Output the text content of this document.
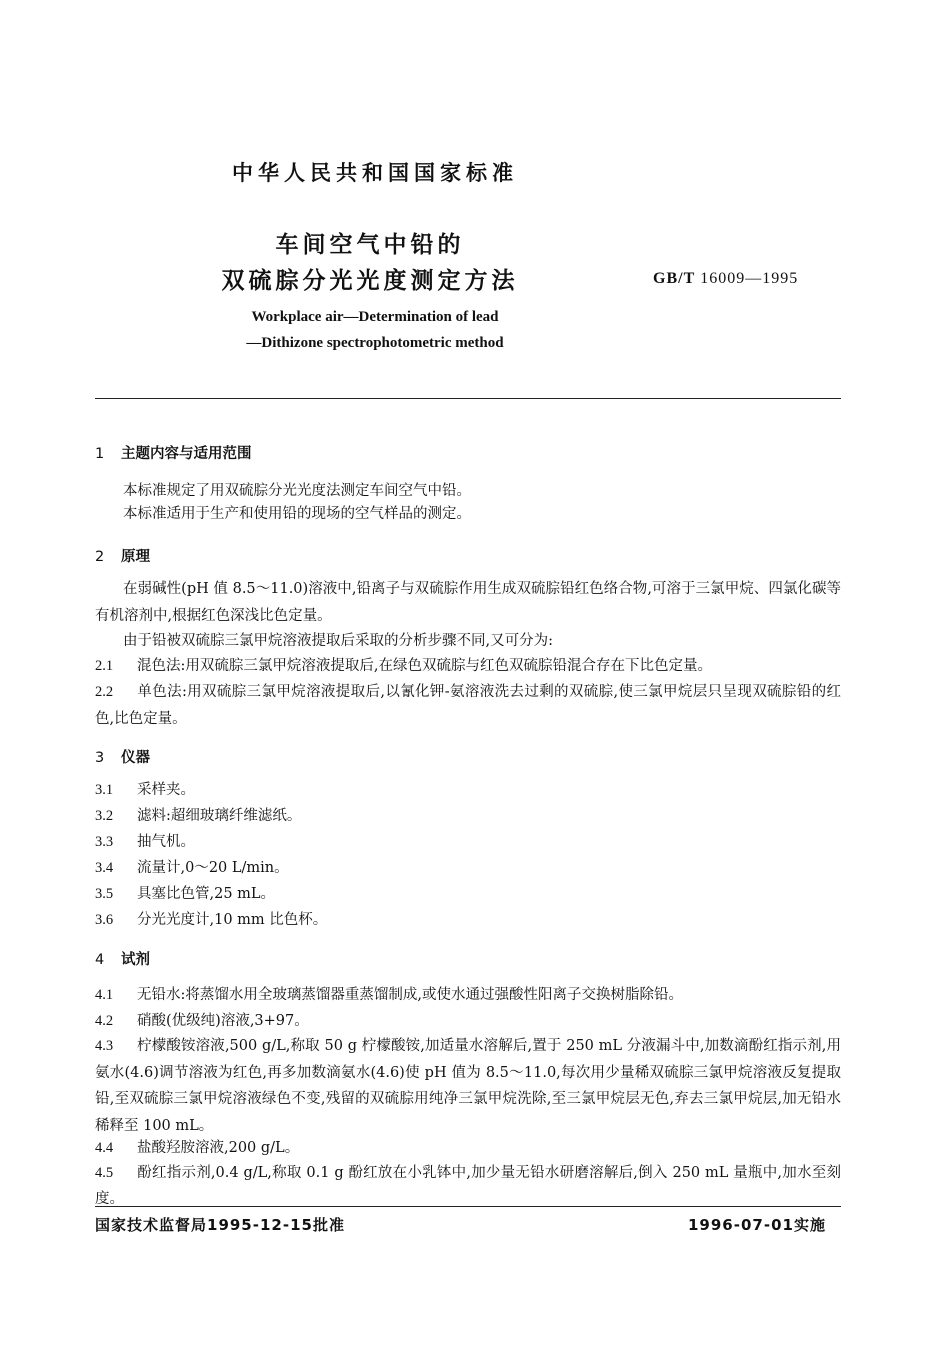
中华人民共和国国家标准
车间空气中铅的
双硫腙分光光度测定方法	GB/T 16009—1995
Workplace air—Determination of lead
—Dithizone spectrophotometric method
1 主题内容与适用范围
本标准规定了用双硫腙分光光度法测定车间空气中铅。
本标准适用于生产和使用铅的现场的空气样品的测定。
2 原理
在弱碱性(pH 值 8.5～11.0)溶液中,铅离子与双硫腙作用生成双硫腙铅红色络合物,可溶于三氯甲烷、四氯化碳等有机溶剂中,根据红色深浅比色定量。
由于铅被双硫腙三氯甲烷溶液提取后采取的分析步骤不同,又可分为:
2.1 混色法:用双硫腙三氯甲烷溶液提取后,在绿色双硫腙与红色双硫腙铅混合存在下比色定量。
2.2 单色法:用双硫腙三氯甲烷溶液提取后,以氰化钾-氨溶液洗去过剩的双硫腙,使三氯甲烷层只呈现双硫腙铅的红色,比色定量。
3 仪器
3.1 采样夹。
3.2 滤料:超细玻璃纤维滤纸。
3.3 抽气机。
3.4 流量计,0～20 L/min。
3.5 具塞比色管,25 mL。
3.6 分光光度计,10 mm 比色杯。
4 试剂
4.1 无铅水:将蒸馏水用全玻璃蒸馏器重蒸馏制成,或使水通过强酸性阳离子交换树脂除铅。
4.2 硝酸(优级纯)溶液,3+97。
4.3 柠檬酸铵溶液,500 g/L,称取 50 g 柠檬酸铵,加适量水溶解后,置于 250 mL 分液漏斗中,加数滴酚红指示剂,用氨水(4.6)调节溶液为红色,再多加数滴氨水(4.6)使 pH 值为 8.5～11.0,每次用少量稀双硫腙三氯甲烷溶液反复提取铅,至双硫腙三氯甲烷溶液绿色不变,残留的双硫腙用纯净三氯甲烷洗除,至三氯甲烷层无色,弃去三氯甲烷层,加无铅水稀释至 100 mL。
4.4 盐酸羟胺溶液,200 g/L。
4.5 酚红指示剂,0.4 g/L,称取 0.1 g 酚红放在小乳钵中,加少量无铅水研磨溶解后,倒入 250 mL 量瓶中,加水至刻度。
国家技术监督局1995-12-15批准	1996-07-01实施
